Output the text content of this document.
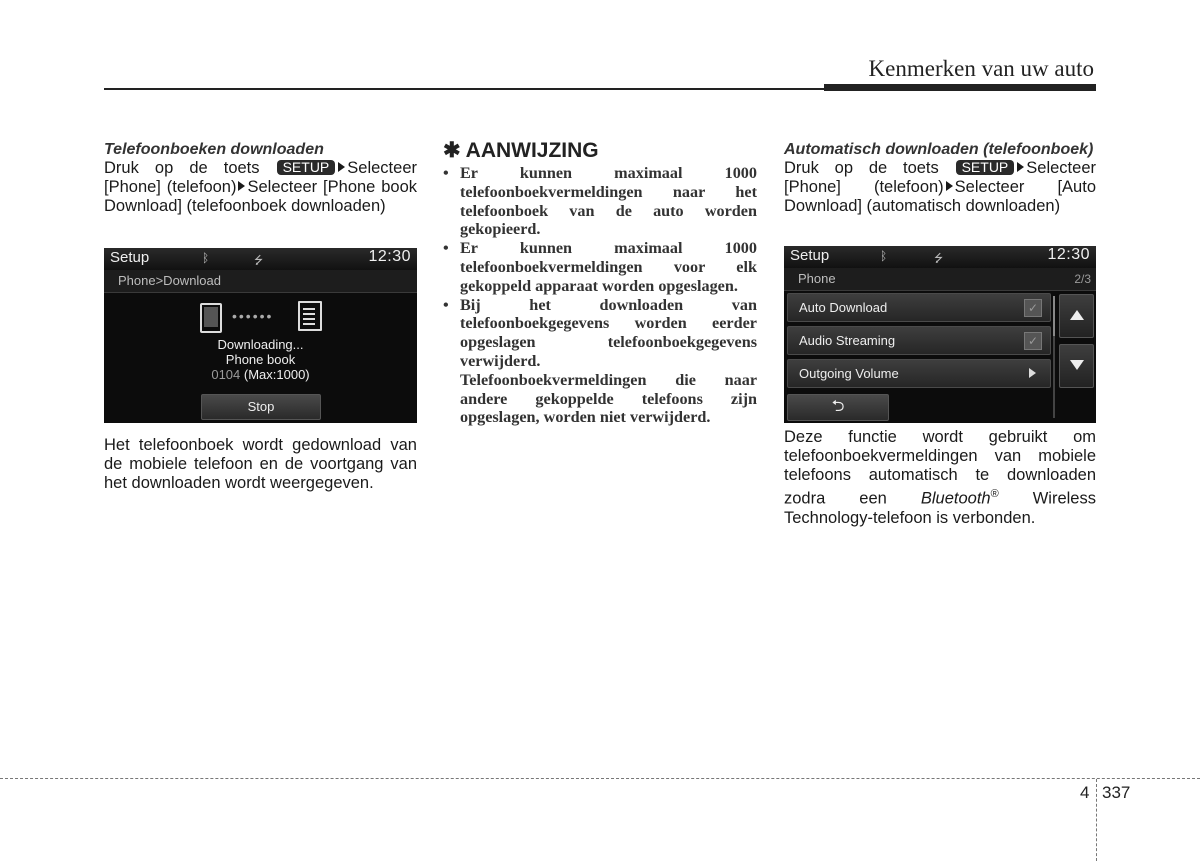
Kenmerken van uw auto
Telefoonboeken downloaden
Druk op de toets SETUP Selecteer [Phone] (telefoon) Selecteer [Phone book Download] (telefoonboek downloaden)
Setup	ᛒ	⭍	12:30
Phone>Download
••••••
Downloading...
Phone book
0104 (Max:1000)
Stop
Het telefoonboek wordt gedownload van de mobiele telefoon en de voortgang van het downloaden wordt weergegeven.
✱ AANWIJZING
• Er kunnen maximaal 1000 telefoonboekvermeldingen naar het telefoonboek van de auto worden gekopieerd.
• Er kunnen maximaal 1000 telefoonboekvermeldingen voor elk gekoppeld apparaat worden opgeslagen.
• Bij het downloaden van telefoonboekgegevens worden eerder opgeslagen telefoonboekgegevens verwijderd.
Telefoonboekvermeldingen die naar andere gekoppelde telefoons zijn opgeslagen, worden niet verwijderd.
Automatisch downloaden (telefoonboek)
Druk op de toets SETUP Selecteer [Phone] (telefoon) Selecteer [Auto Download] (automatisch downloaden)
Setup	ᛒ	⭍	12:30
Phone	2/3
Auto Download	✓
Audio Streaming	✓
Outgoing Volume
⮌
Deze functie wordt gebruikt om telefoonboekvermeldingen van mobiele telefoons automatisch te downloaden zodra een Bluetooth® Wireless Technology-telefoon is verbonden.
4 337
